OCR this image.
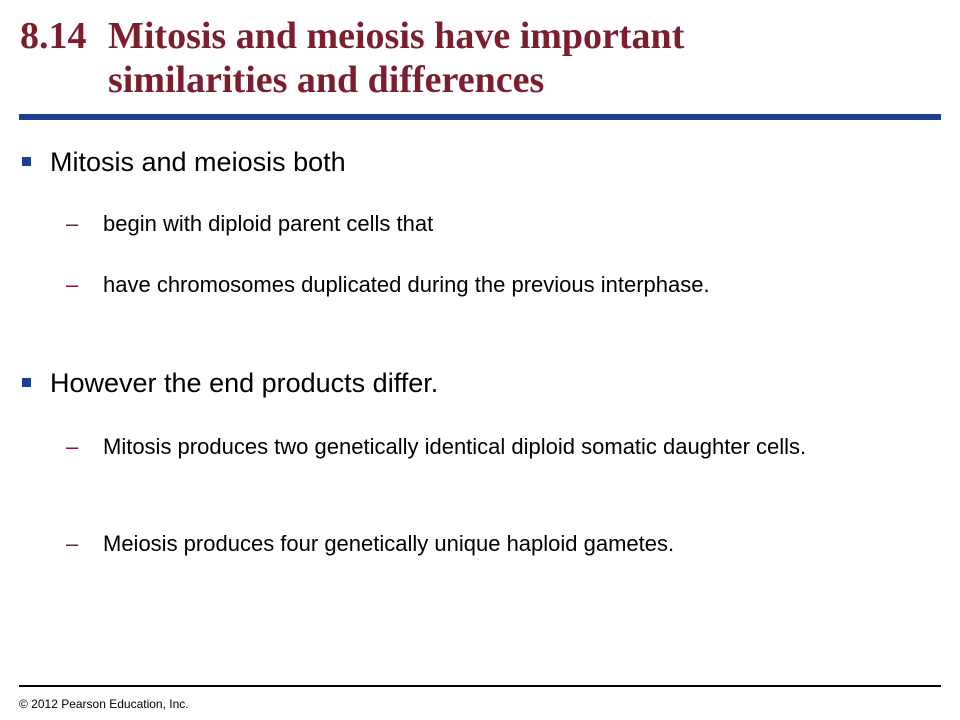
8.14 Mitosis and meiosis have important
similarities and differences
Mitosis and meiosis both
– begin with diploid parent cells that
– have chromosomes duplicated during the previous interphase.
However the end products differ.
– Mitosis produces two genetically identical diploid somatic daughter cells.
– Meiosis produces four genetically unique haploid gametes.
© 2012 Pearson Education, Inc.
